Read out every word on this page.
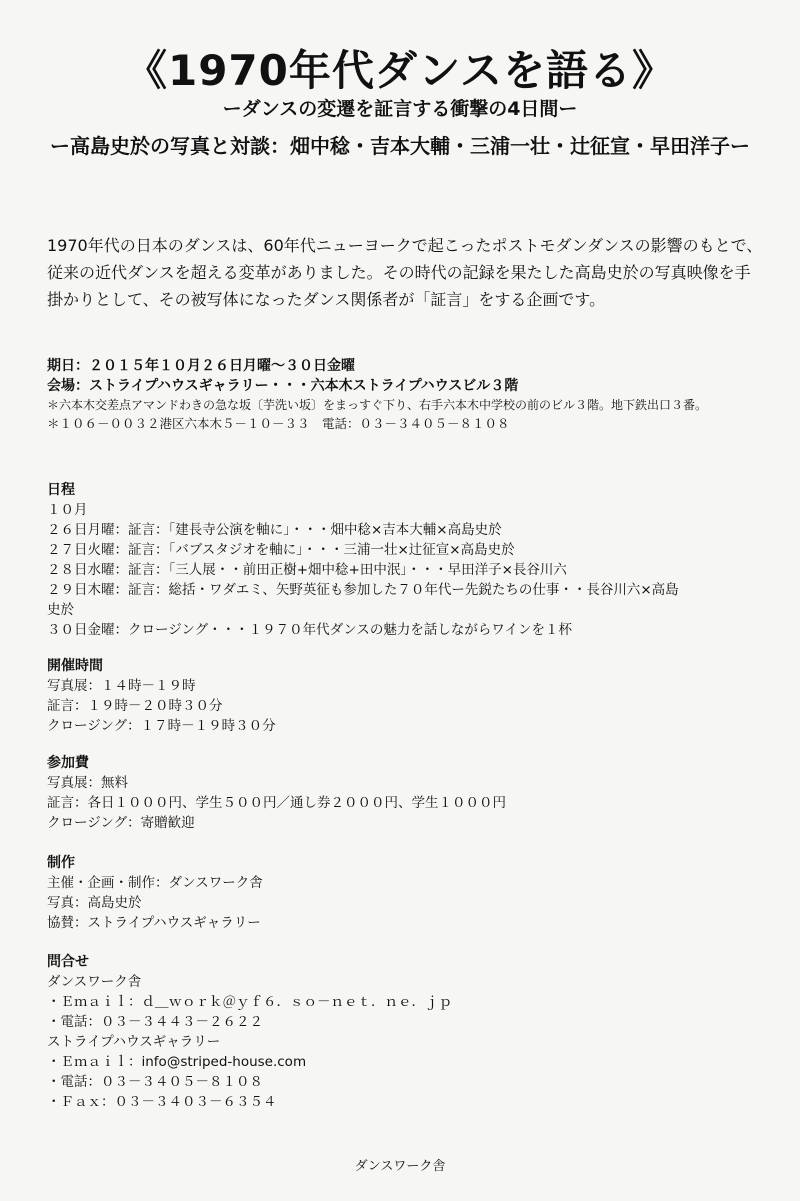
《1970年代ダンスを語る》
ーダンスの変遷を証言する衝撃の4日間ー
ー高島史於の写真と対談：畑中稔・吉本大輔・三浦一壮・辻征宣・早田洋子ー

1970年代の日本のダンスは、60年代ニューヨークで起こったポストモダンダンスの影響のもとで、

従来の近代ダンスを超える変革がありました。その時代の記録を果たした高島史於の写真映像を手

掛かりとして、その被写体になったダンス関係者が「証言」をする企画です。

期日：２０１５年１０月２６日月曜～３０日金曜

会場：ストライプハウスギャラリー・・・六本木ストライプハウスビル３階

＊六本木交差点アマンドわきの急な坂〔芋洗い坂〕をまっすぐ下り、右手六本木中学校の前のビル３階。地下鉄出口３番。

＊１０６－００３２港区六本木５－１０－３３　電話：０３－３４０５－８１０８

日程

１０月

２６日月曜：証言：「建長寺公演を軸に」・・・畑中稔×吉本大輔×高島史於

２７日火曜：証言：「バブスタジオを軸に」・・・三浦一壮×辻征宣×高島史於

２８日水曜：証言：「三人展・・前田正樹+畑中稔+田中泯」・・・早田洋子×長谷川六

２９日木曜：証言：総括・ワダエミ、矢野英征も参加した７０年代ー先鋭たちの仕事・・長谷川六×高島

史於

３０日金曜：クロージング・・・１９７０年代ダンスの魅力を話しながらワインを１杯

開催時間

写真展：１４時－１９時

証言：１９時－２０時３０分

クロージング：１７時－１９時３０分

参加費

写真展：無料

証言：各日１０００円、学生５００円／通し券２０００円、学生１０００円

クロージング：寄贈歓迎

制作

主催・企画・制作：ダンスワーク舎

写真：高島史於

協賛：ストライプハウスギャラリー

問合せ

ダンスワーク舎

・Ｅｍａｉｌ：ｄ＿ｗｏｒｋ＠ｙｆ６．ｓｏ－ｎｅｔ．ｎｅ．ｊｐ

・電話：０３－３４４３－２６２２

ストライプハウスギャラリー

・Ｅｍａｉｌ：info@striped-house.com

・電話：０３－３４０５－８１０８

・Ｆａｘ：０３－３４０３－６３５４

ダンスワーク舎
